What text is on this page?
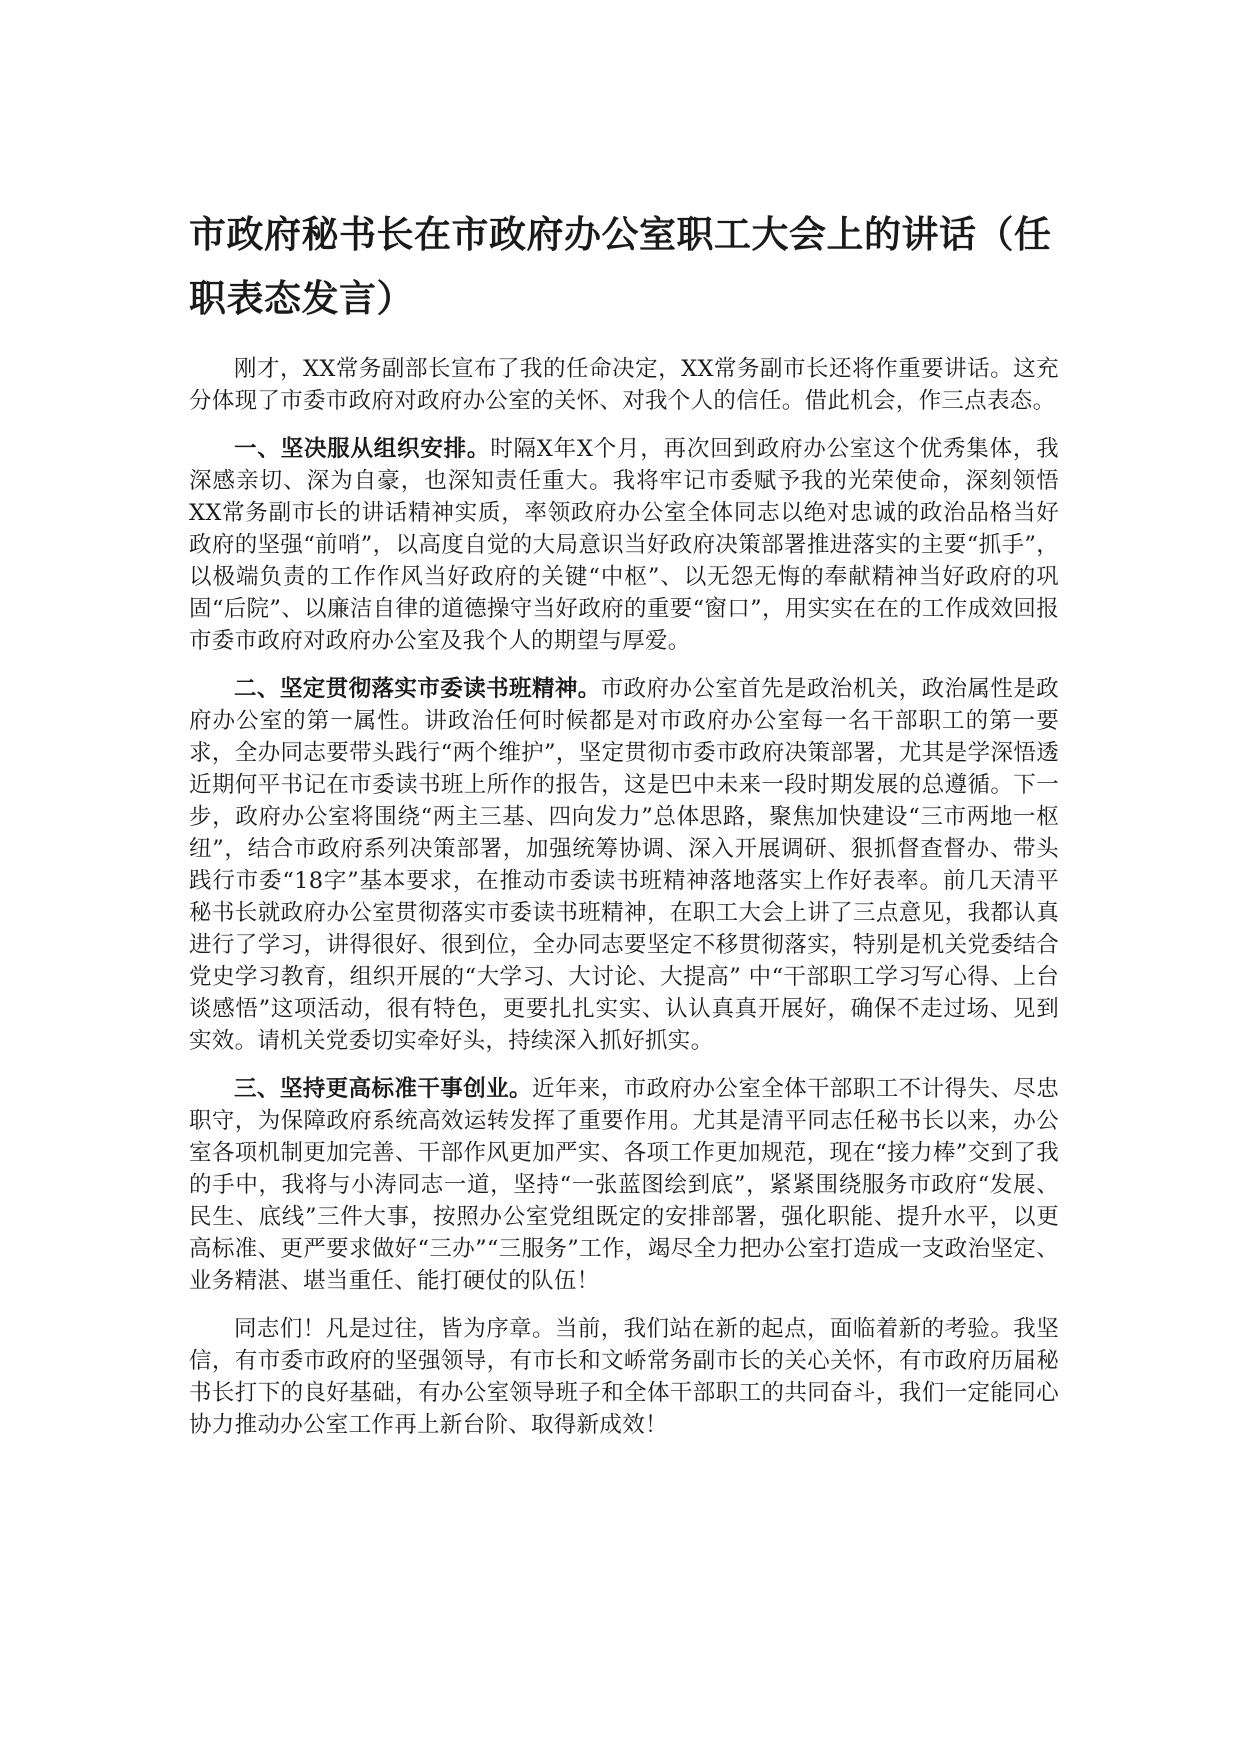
市政府秘书长在市政府办公室职工大会上的讲话（任职表态发言）

刚才，XX常务副部长宣布了我的任命决定，XX常务副市长还将作重要讲话。这充分体现了市委市政府对政府办公室的关怀、对我个人的信任。借此机会，作三点表态。

一、坚决服从组织安排。时隔X年X个月，再次回到政府办公室这个优秀集体，我深感亲切、深为自豪，也深知责任重大。我将牢记市委赋予我的光荣使命，深刻领悟XX常务副市长的讲话精神实质，率领政府办公室全体同志以绝对忠诚的政治品格当好政府的坚强“前哨”，以高度自觉的大局意识当好政府决策部署推进落实的主要“抓手”，以极端负责的工作作风当好政府的关键“中枢”、以无怨无悔的奉献精神当好政府的巩固“后院”、以廉洁自律的道德操守当好政府的重要“窗口”，用实实在在的工作成效回报市委市政府对政府办公室及我个人的期望与厚爱。

二、坚定贯彻落实市委读书班精神。市政府办公室首先是政治机关，政治属性是政府办公室的第一属性。讲政治任何时候都是对市政府办公室每一名干部职工的第一要求，全办同志要带头践行“两个维护”，坚定贯彻市委市政府决策部署，尤其是学深悟透近期何平书记在市委读书班上所作的报告，这是巴中未来一段时期发展的总遵循。下一步，政府办公室将围绕“两主三基、四向发力”总体思路，聚焦加快建设“三市两地一枢纽”，结合市政府系列决策部署，加强统筹协调、深入开展调研、狠抓督查督办、带头践行市委“18字”基本要求，在推动市委读书班精神落地落实上作好表率。前几天清平秘书长就政府办公室贯彻落实市委读书班精神，在职工大会上讲了三点意见，我都认真进行了学习，讲得很好、很到位，全办同志要坚定不移贯彻落实，特别是机关党委结合党史学习教育，组织开展的“大学习、大讨论、大提高” 中“干部职工学习写心得、上台谈感悟”这项活动，很有特色，更要扎扎实实、认认真真开展好，确保不走过场、见到实效。请机关党委切实牵好头，持续深入抓好抓实。

三、坚持更高标准干事创业。近年来，市政府办公室全体干部职工不计得失、尽忠职守，为保障政府系统高效运转发挥了重要作用。尤其是清平同志任秘书长以来，办公室各项机制更加完善、干部作风更加严实、各项工作更加规范，现在“接力棒”交到了我的手中，我将与小涛同志一道，坚持“一张蓝图绘到底”，紧紧围绕服务市政府“发展、民生、底线”三件大事，按照办公室党组既定的安排部署，强化职能、提升水平，以更高标准、更严要求做好“三办”“三服务”工作，竭尽全力把办公室打造成一支政治坚定、业务精湛、堪当重任、能打硬仗的队伍！

同志们！凡是过往，皆为序章。当前，我们站在新的起点，面临着新的考验。我坚信，有市委市政府的坚强领导，有市长和文峤常务副市长的关心关怀，有市政府历届秘书长打下的良好基础，有办公室领导班子和全体干部职工的共同奋斗，我们一定能同心协力推动办公室工作再上新台阶、取得新成效！
